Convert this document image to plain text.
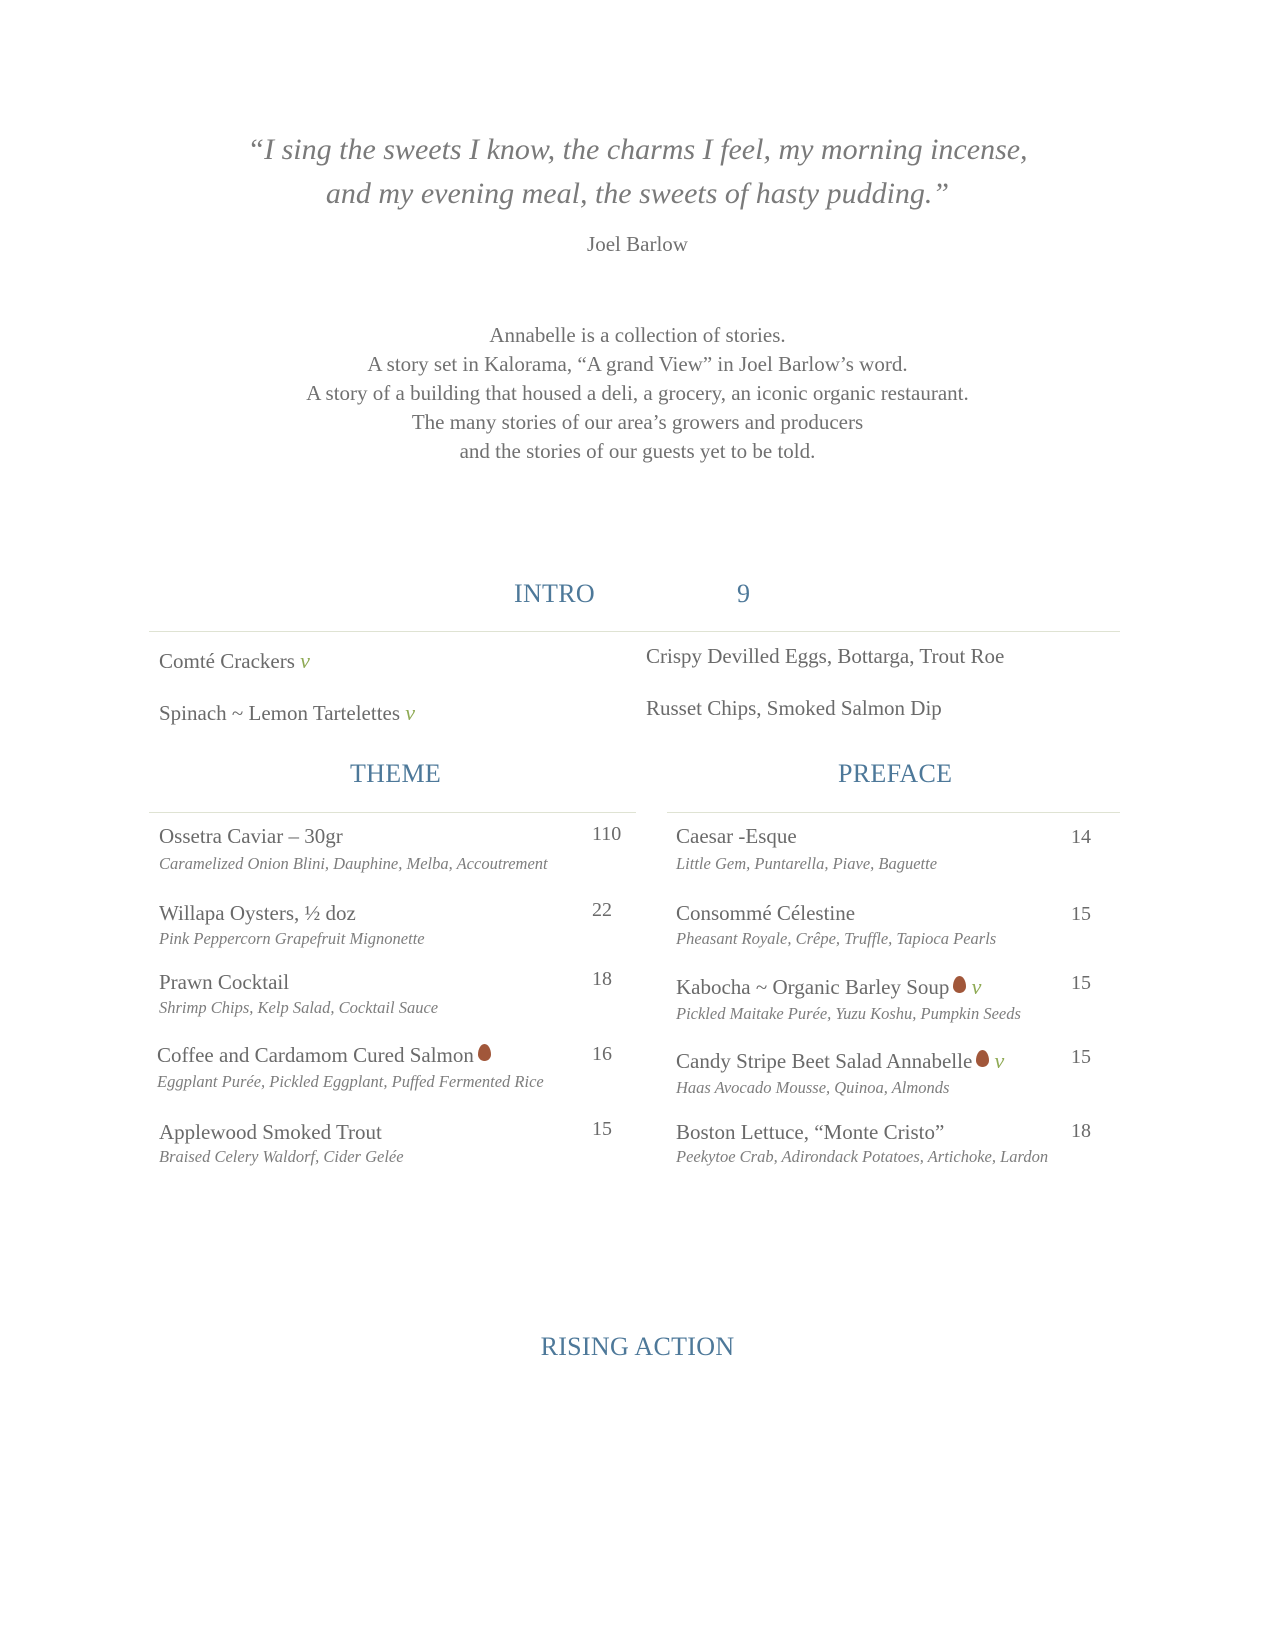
“I sing the sweets I know, the charms I feel, my morning incense,
and my evening meal, the sweets of hasty pudding.”
Joel Barlow
Annabelle is a collection of stories.
A story set in Kalorama, “A grand View” in Joel Barlow’s word.
A story of a building that housed a deli, a grocery, an iconic organic restaurant.
The many stories of our area’s growers and producers
and the stories of our guests yet to be told.
INTRO	9
Comté Crackers v	Crispy Devilled Eggs, Bottarga, Trout Roe
Spinach ~ Lemon Tartelettes v	Russet Chips, Smoked Salmon Dip
THEME
Ossetra Caviar – 30gr
Caramelized Onion Blini, Dauphine, Melba, Accoutrement
110
Willapa Oysters, ½ doz
Pink Peppercorn Grapefruit Mignonette
22
Prawn Cocktail
Shrimp Chips, Kelp Salad, Cocktail Sauce
18
Coffee and Cardamom Cured Salmon
Eggplant Purée, Pickled Eggplant, Puffed Fermented Rice
16
Applewood Smoked Trout
Braised Celery Waldorf, Cider Gelée
15
PREFACE
Caesar -Esque
Little Gem, Puntarella, Piave, Baguette
14
Consommé Célestine
Pheasant Royale, Crêpe, Truffle, Tapioca Pearls
15
Kabocha ~ Organic Barley Soup v
Pickled Maitake Purée, Yuzu Koshu, Pumpkin Seeds
15
Candy Stripe Beet Salad Annabelle v
Haas Avocado Mousse, Quinoa, Almonds
15
Boston Lettuce, “Monte Cristo”
Peekytoe Crab, Adirondack Potatoes, Artichoke, Lardon
18
RISING ACTION
